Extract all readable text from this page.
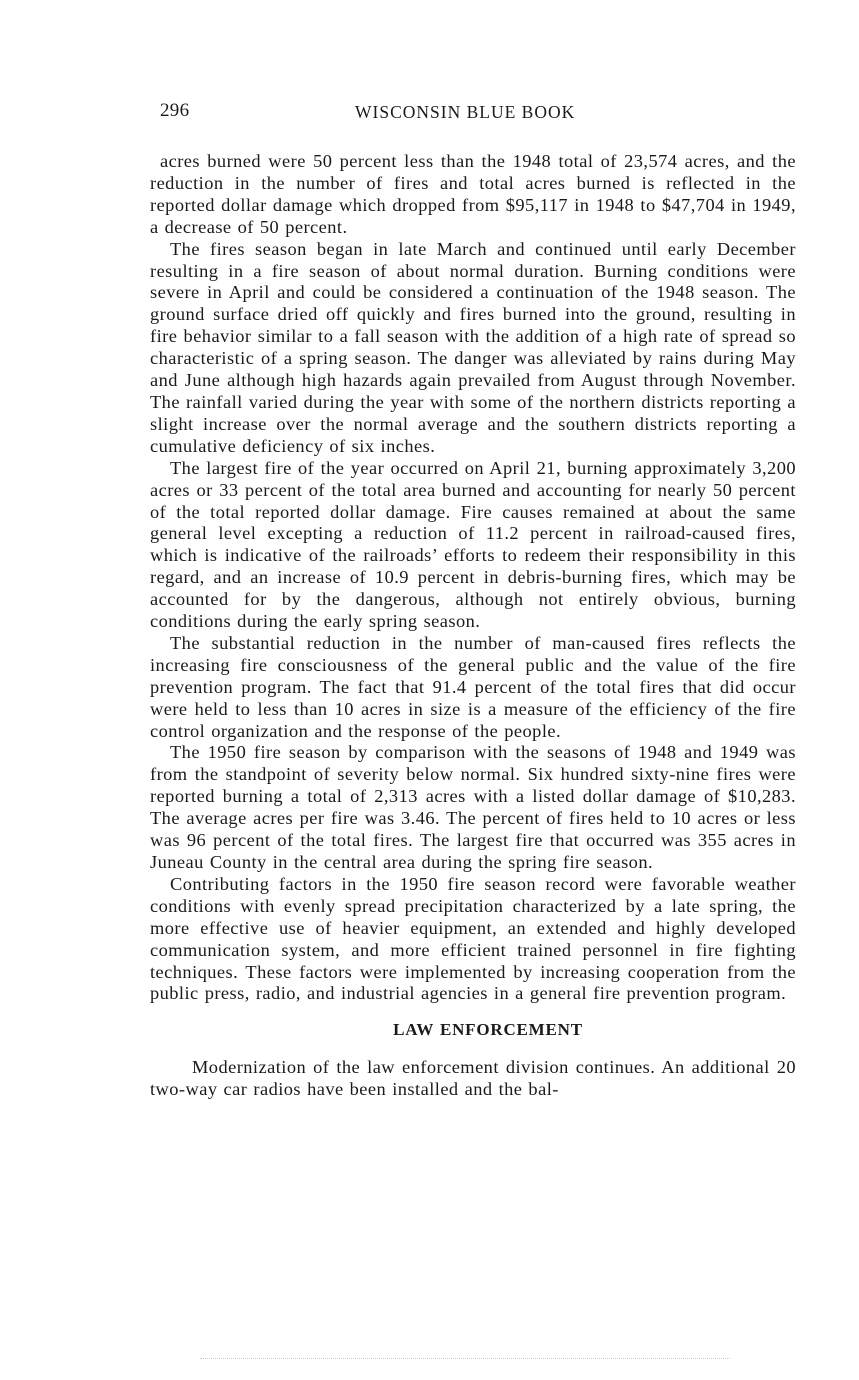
296	WISCONSIN BLUE BOOK

acres burned were 50 percent less than the 1948 total of 23,574 acres, and the reduction in the number of fires and total acres burned is reflected in the reported dollar damage which dropped from $95,117 in 1948 to $47,704 in 1949, a decrease of 50 percent.

The fires season began in late March and continued until early December resulting in a fire season of about normal duration. Burning conditions were severe in April and could be considered a continuation of the 1948 season. The ground surface dried off quickly and fires burned into the ground, resulting in fire behavior similar to a fall season with the addition of a high rate of spread so characteristic of a spring season. The danger was alleviated by rains during May and June although high hazards again prevailed from August through November. The rainfall varied during the year with some of the northern districts reporting a slight increase over the normal average and the southern districts reporting a cumulative deficiency of six inches.

The largest fire of the year occurred on April 21, burning approximately 3,200 acres or 33 percent of the total area burned and accounting for nearly 50 percent of the total reported dollar damage. Fire causes remained at about the same general level excepting a reduction of 11.2 percent in railroad-caused fires, which is indicative of the railroads’ efforts to redeem their responsibility in this regard, and an increase of 10.9 percent in debris-burning fires, which may be accounted for by the dangerous, although not entirely obvious, burning conditions during the early spring season.

The substantial reduction in the number of man-caused fires reflects the increasing fire consciousness of the general public and the value of the fire prevention program. The fact that 91.4 percent of the total fires that did occur were held to less than 10 acres in size is a measure of the efficiency of the fire control organization and the response of the people.

The 1950 fire season by comparison with the seasons of 1948 and 1949 was from the standpoint of severity below normal. Six hundred sixty-nine fires were reported burning a total of 2,313 acres with a listed dollar damage of $10,283. The average acres per fire was 3.46. The percent of fires held to 10 acres or less was 96 percent of the total fires. The largest fire that occurred was 355 acres in Juneau County in the central area during the spring fire season.

Contributing factors in the 1950 fire season record were favorable weather conditions with evenly spread precipitation characterized by a late spring, the more effective use of heavier equipment, an extended and highly developed communication system, and more efficient trained personnel in fire fighting techniques. These factors were implemented by increasing cooperation from the public press, radio, and industrial agencies in a general fire prevention program.

LAW ENFORCEMENT

Modernization of the law enforcement division continues. An additional 20 two-way car radios have been installed and the bal-
